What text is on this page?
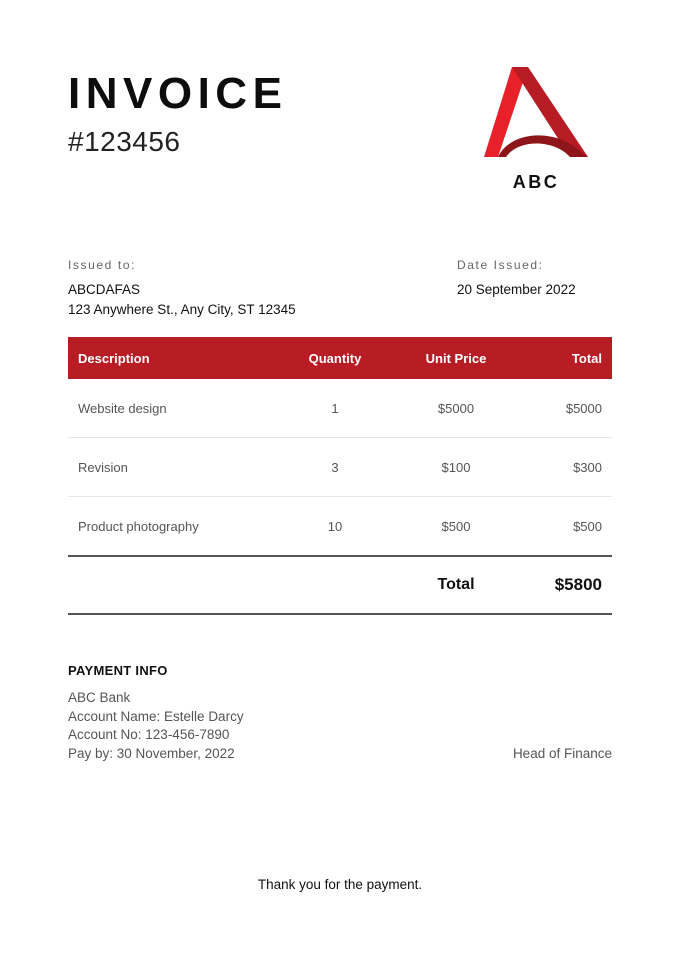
INVOICE
#123456
ABC
Issued to:
ABCDAFAS
123 Anywhere St., Any City, ST 12345
Date Issued:
20 September 2022
Description	Quantity	Unit Price	Total
Website design	1	$5000	$5000
Revision	3	$100	$300
Product photography	10	$500	$500
Total	$5800
PAYMENT INFO
ABC Bank
Account Name: Estelle Darcy
Account No: 123-456-7890
Pay by: 30 November, 2022	Head of Finance
Thank you for the payment.
